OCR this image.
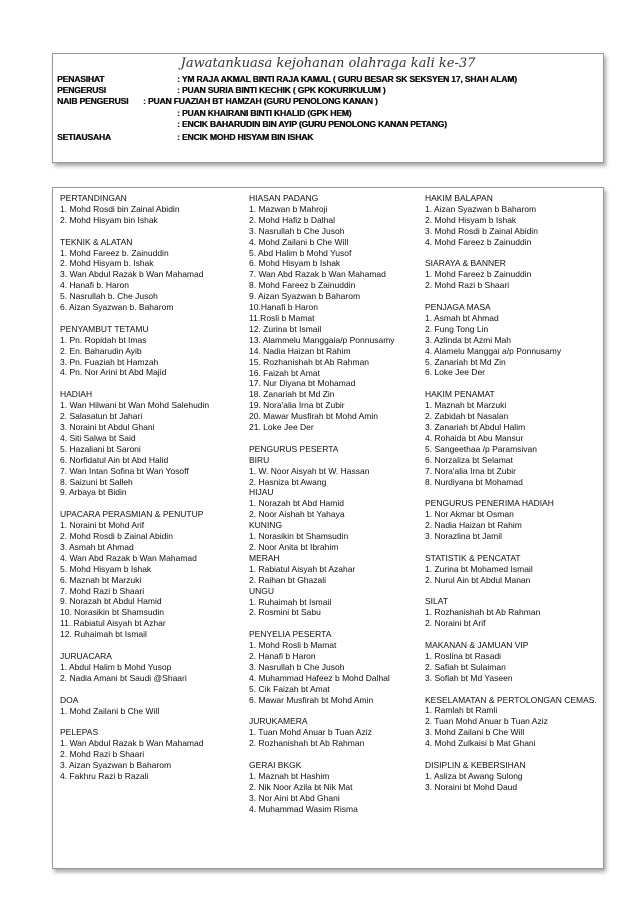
Jawatankuasa kejohanan olahraga kali ke-37
PENASIHAT	: YM RAJA AKMAL BINTI RAJA KAMAL ( GURU BESAR SK SEKSYEN 17, SHAH ALAM)
PENGERUSI	: PUAN SURIA BINTI KECHIK ( GPK KOKURIKULUM )
NAIB PENGERUSI : PUAN FUAZIAH BT HAMZAH (GURU PENOLONG KANAN )
: PUAN KHAIRANI BINTI KHALID (GPK HEM)
: ENCIK BAHARUDIN BIN AYIP (GURU PENOLONG KANAN PETANG)
SETIAUSAHA	: ENCIK MOHD HISYAM BIN ISHAK
PERTANDINGAN
1. Mohd Rosdi bin Zainal Abidin
2. Mohd Hisyam bin Ishak
TEKNIK & ALATAN
1. Mohd Fareez b. Zainuddin
2. Mohd Hisyam b. Ishak
3. Wan Abdul Razak b Wan Mahamad
4. Hanafi b. Haron
5. Nasrullah b. Che Jusoh
6. Aizan Syazwan b. Baharom
PENYAMBUT TETAMU
1. Pn. Ropidah bt Imas
2. En. Baharudin Ayib
3. Pn. Fuaziah bt Hamzah
4. Pn. Nor Arini bt Abd Majid
HADIAH
1. Wan Hilwani bt Wan Mohd Salehudin
2. Salasatun bt Jahari
3. Noraini bt Abdul Ghani
4. Siti Salwa bt Said
5. Hazaliani bt Saroni
6. Norfidatul Ain bt Abd Halid
7. Wan Intan Sofina bt Wan Yosoff
8. Saizuni bt Salleh
9. Arbaya bt Bidin
UPACARA PERASMIAN & PENUTUP
1. Noraini bt Mohd Arif
2. Mohd Rosdi b Zainal Abidin
3. Asmah bt Ahmad
4. Wan Abd Razak b Wan Mahamad
5. Mohd Hisyam b Ishak
6. Maznah bt Marzuki
7. Mohd Razi b Shaari
9. Norazah bt Abdul Hamid
10. Norasikin bt Shamsudin
11. Rabiatul Aisyah bt Azhar
12. Ruhaimah bt Ismail
JURUACARA
1. Abdul Halim b Mohd Yusop
2. Nadia Amani bt Saudi @Shaari
DOA
1. Mohd Zailani b Che Will
PELEPAS
1. Wan Abdul Razak b Wan Mahamad
2. Mohd Razi b Shaari
3. Aizan Syazwan b Baharom
4. Fakhru Razi b Razali
HIASAN PADANG
1. Mazwan b Mahroji
2. Mohd Hafiz b Dalhal
3. Nasrullah b Che Jusoh
4. Mohd Zailani b Che Will
5. Abd Halim b Mohd Yusof
6. Mohd Hisyam b Ishak
7. Wan Abd Razak b Wan Mahamad
8. Mohd Fareez b Zainuddin
9. Aizan Syazwan b Baharom
10.Hanafi b Haron
11.Rosli b Mamat
12. Zurina bt Ismail
13. Alammelu Manggaia/p Ponnusamy
14. Nadia Haizan bt Rahim
15. Rozhanishah bt Ab Rahman
16. Faizah bt Amat
17. Nur Diyana bt Mohamad
18. Zanariah bt Md Zin
19. Nora'alia Irna bt Zubir
20. Mawar Musfirah bt Mohd Amin
21. Loke Jee Der
PENGURUS PESERTA
BIRU
1. W. Noor Aisyah bt W. Hassan
2. Hasniza bt Awang
HIJAU
1. Norazah bt Abd Hamid
2. Noor Aishah bt Yahaya
KUNING
1. Norasikin bt Shamsudin
2. Noor Anita bt Ibrahim
MERAH
1. Rabiatul Aisyah bt Azahar
2. Raihan bt Ghazali
UNGU
1. Ruhaimah bt Ismail
2. Rosmini bt Sabu
PENYELIA PESERTA
1. Mohd Rosli b Mamat
2. Hanafi b Haron
3. Nasrullah b Che Jusoh
4. Muhammad Hafeez b Mohd Dalhal
5. Cik Faizah bt Amat
6. Mawar Musfirah bt Mohd Amin
JURUKAMERA
1. Tuan Mohd Anuar b Tuan Aziz
2. Rozhanishah bt Ab Rahman
GERAI BKGK
1. Maznah bt Hashim
2. Nik Noor Azila bt Nik Mat
3. Nor Aini bt Abd Ghani
4. Muhammad Wasim Risma
HAKIM BALAPAN
1. Aizan Syazwan b Baharom
2. Mohd Hisyam b Ishak
3. Mohd Rosdi b Zainal Abidin
4. Mohd Fareez b Zainuddin
SIARAYA & BANNER
1. Mohd Fareez b Zainuddin
2. Mohd Razi b Shaari
PENJAGA MASA
1. Asmah bt Ahmad
2. Fung Tong Lin
3. Azlinda bt Azmi Mah
4. Alamelu Manggai a/p Ponnusamy
5. Zanariah bt Md Zin
6. Loke Jee Der
HAKIM PENAMAT
1. Maznah bt Marzuki
2. Zabidah bt Nasalan
3. Zanariah bt Abdul Halim
4. Rohaida bt Abu Mansur
5. Sangeethaa /p Paramsivan
6. Norzaliza bt Selamat
7. Nora'alia Irna bt Zubir
8. Nurdiyana bt Mohamad
PENGURUS PENERIMA HADIAH
1. Nor Akmar bt Osman
2. Nadia Haizan bt Rahim
3. Norazlina bt Jamil
STATISTIK & PENCATAT
1. Zurina bt Mohamed Ismail
2. Nurul Ain bt Abdul Manan
SILAT
1. Rozhanishah bt Ab Rahman
2. Noraini bt Arif
MAKANAN & JAMUAN VIP
1. Roslina bt Rasadi
2. Safiah bt Sulaiman
3. Sofiah bt Md Yaseen
KESELAMATAN & PERTOLONGAN CEMAS.
1. Ramlah bt Ramli
2. Tuan Mohd Anuar b Tuan Aziz
3. Mohd Zailani b Che Will
4. Mohd Zulkaisi b Mat Ghani
DISIPLIN & KEBERSIHAN
1. Asliza bt Awang Sulong
3. Noraini bt Mohd Daud
